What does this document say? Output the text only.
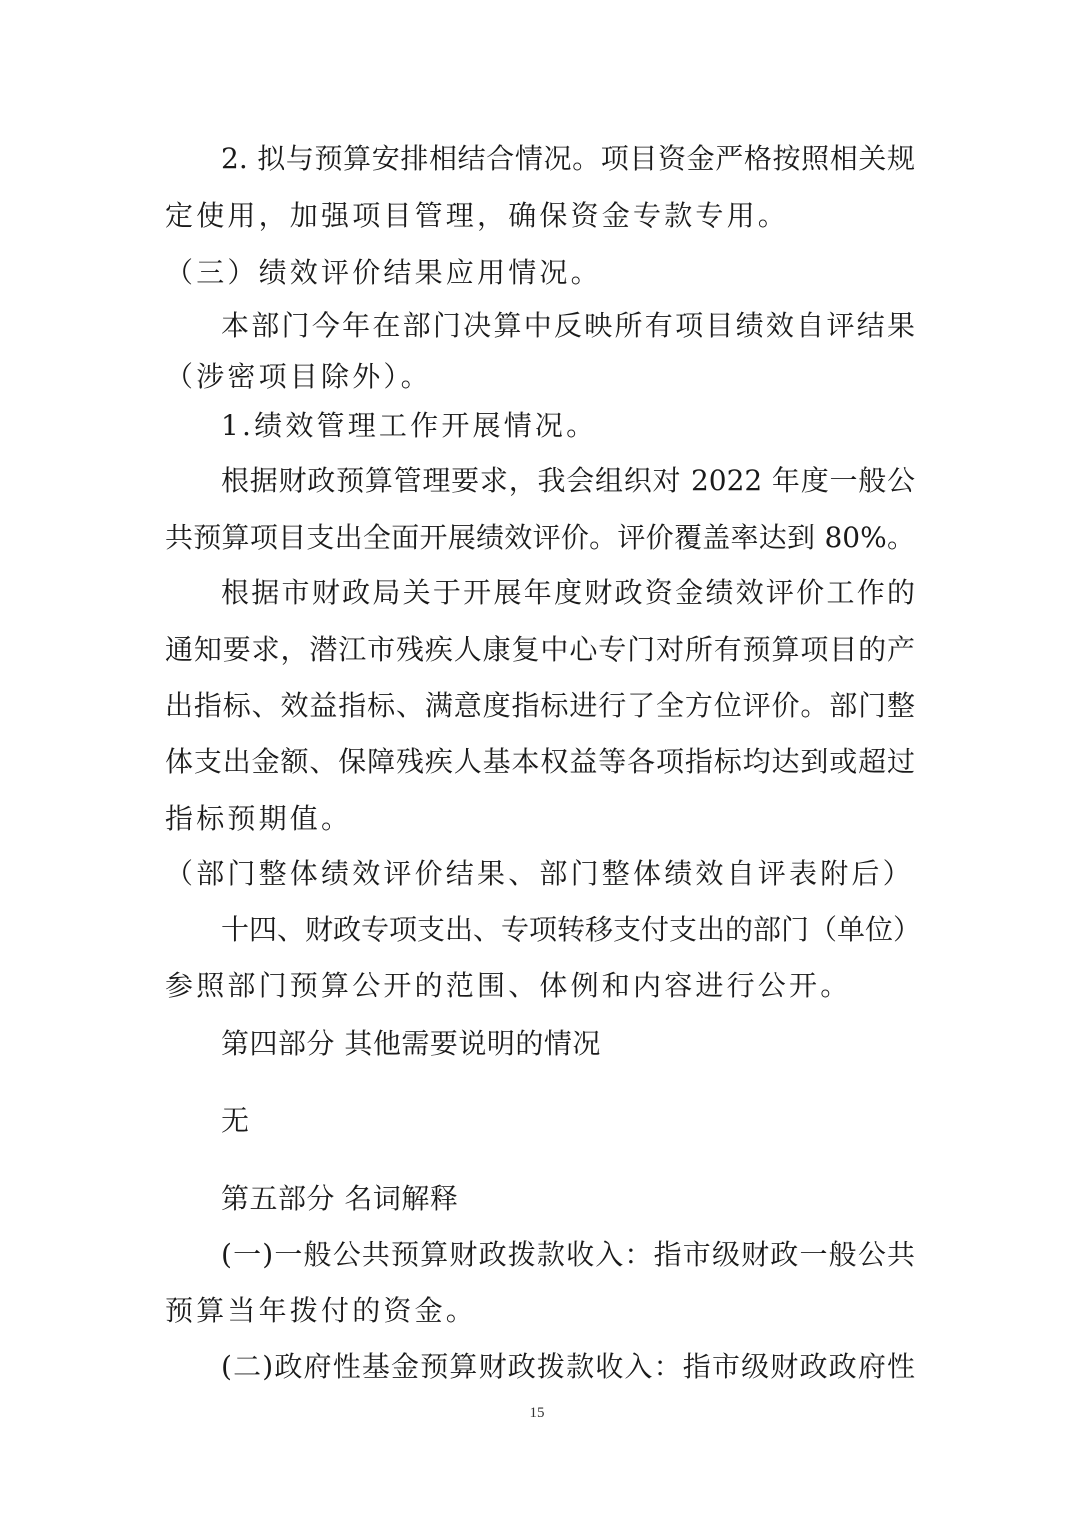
2. 拟与预算安排相结合情况。项目资金严格按照相关规
定使用，加强项目管理，确保资金专款专用。
（三）绩效评价结果应用情况。
本部门今年在部门决算中反映所有项目绩效自评结果
（涉密项目除外）。
1.绩效管理工作开展情况。
根据财政预算管理要求，我会组织对 2022 年度一般公
共预算项目支出全面开展绩效评价。评价覆盖率达到 80%。
根据市财政局关于开展年度财政资金绩效评价工作的
通知要求，潜江市残疾人康复中心专门对所有预算项目的产
出指标、效益指标、满意度指标进行了全方位评价。部门整
体支出金额、保障残疾人基本权益等各项指标均达到或超过
指标预期值。
（部门整体绩效评价结果、部门整体绩效自评表附后）
十四、财政专项支出、专项转移支付支出的部门（单位）
参照部门预算公开的范围、体例和内容进行公开。
第四部分 其他需要说明的情况
无
第五部分 名词解释
(一)一般公共预算财政拨款收入：指市级财政一般公共
预算当年拨付的资金。
(二)政府性基金预算财政拨款收入：指市级财政政府性
15
